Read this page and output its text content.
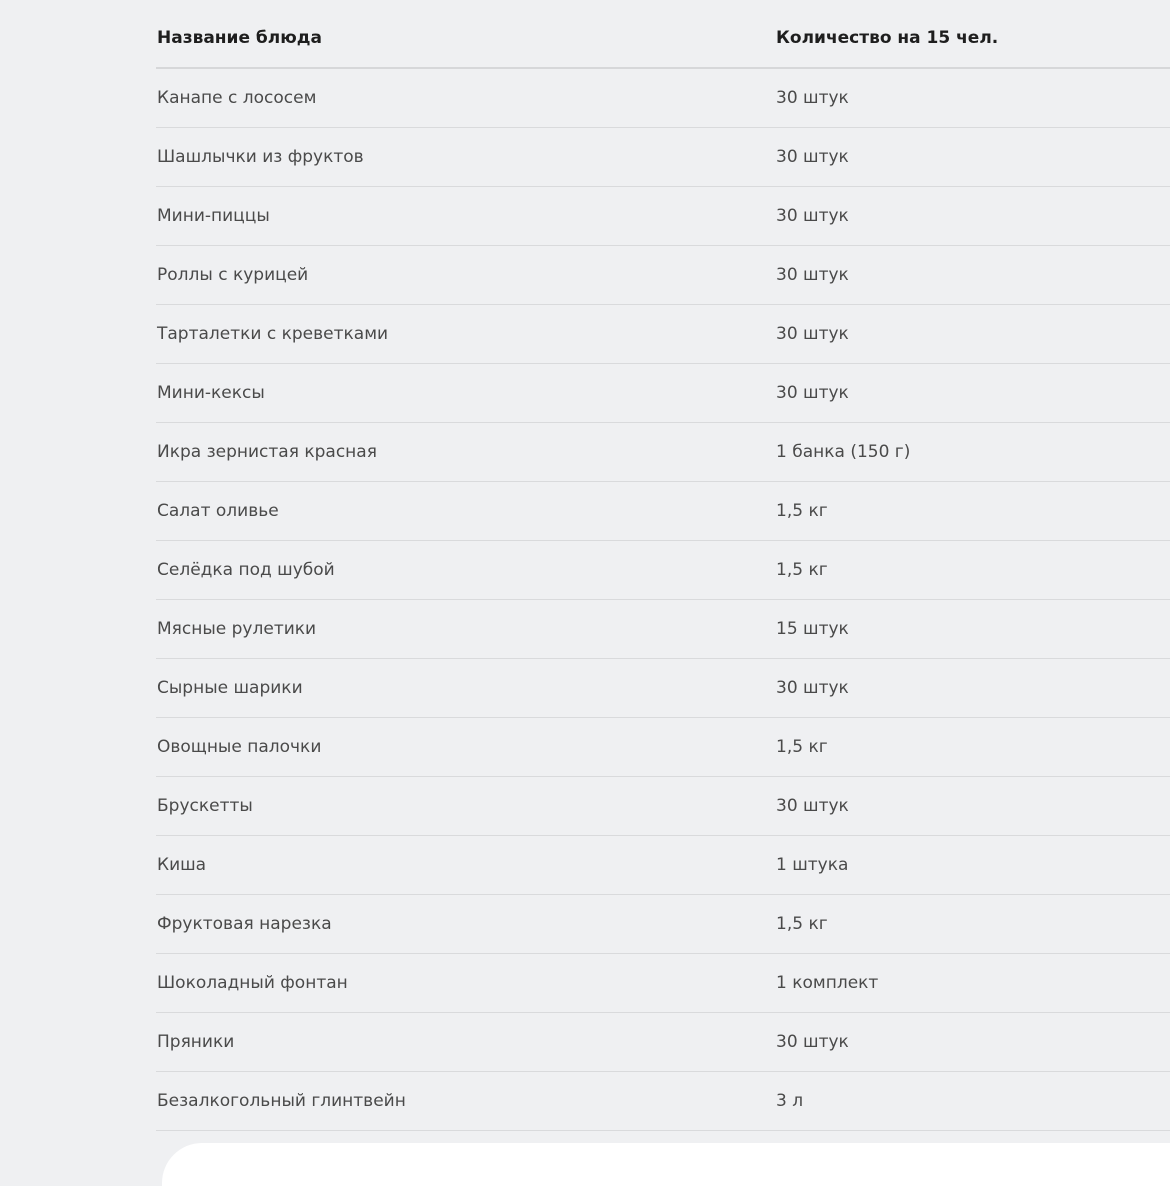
Название блюда	Количество на 15 чел.
Канапе с лососем	30 штук
Шашлычки из фруктов	30 штук
Мини-пиццы	30 штук
Роллы с курицей	30 штук
Тарталетки с креветками	30 штук
Мини-кексы	30 штук
Икра зернистая красная	1 банка (150 г)
Салат оливье	1,5 кг
Селёдка под шубой	1,5 кг
Мясные рулетики	15 штук
Сырные шарики	30 штук
Овощные палочки	1,5 кг
Брускетты	30 штук
Киша	1 штука
Фруктовая нарезка	1,5 кг
Шоколадный фонтан	1 комплект
Пряники	30 штук
Безалкогольный глинтвейн	3 л
